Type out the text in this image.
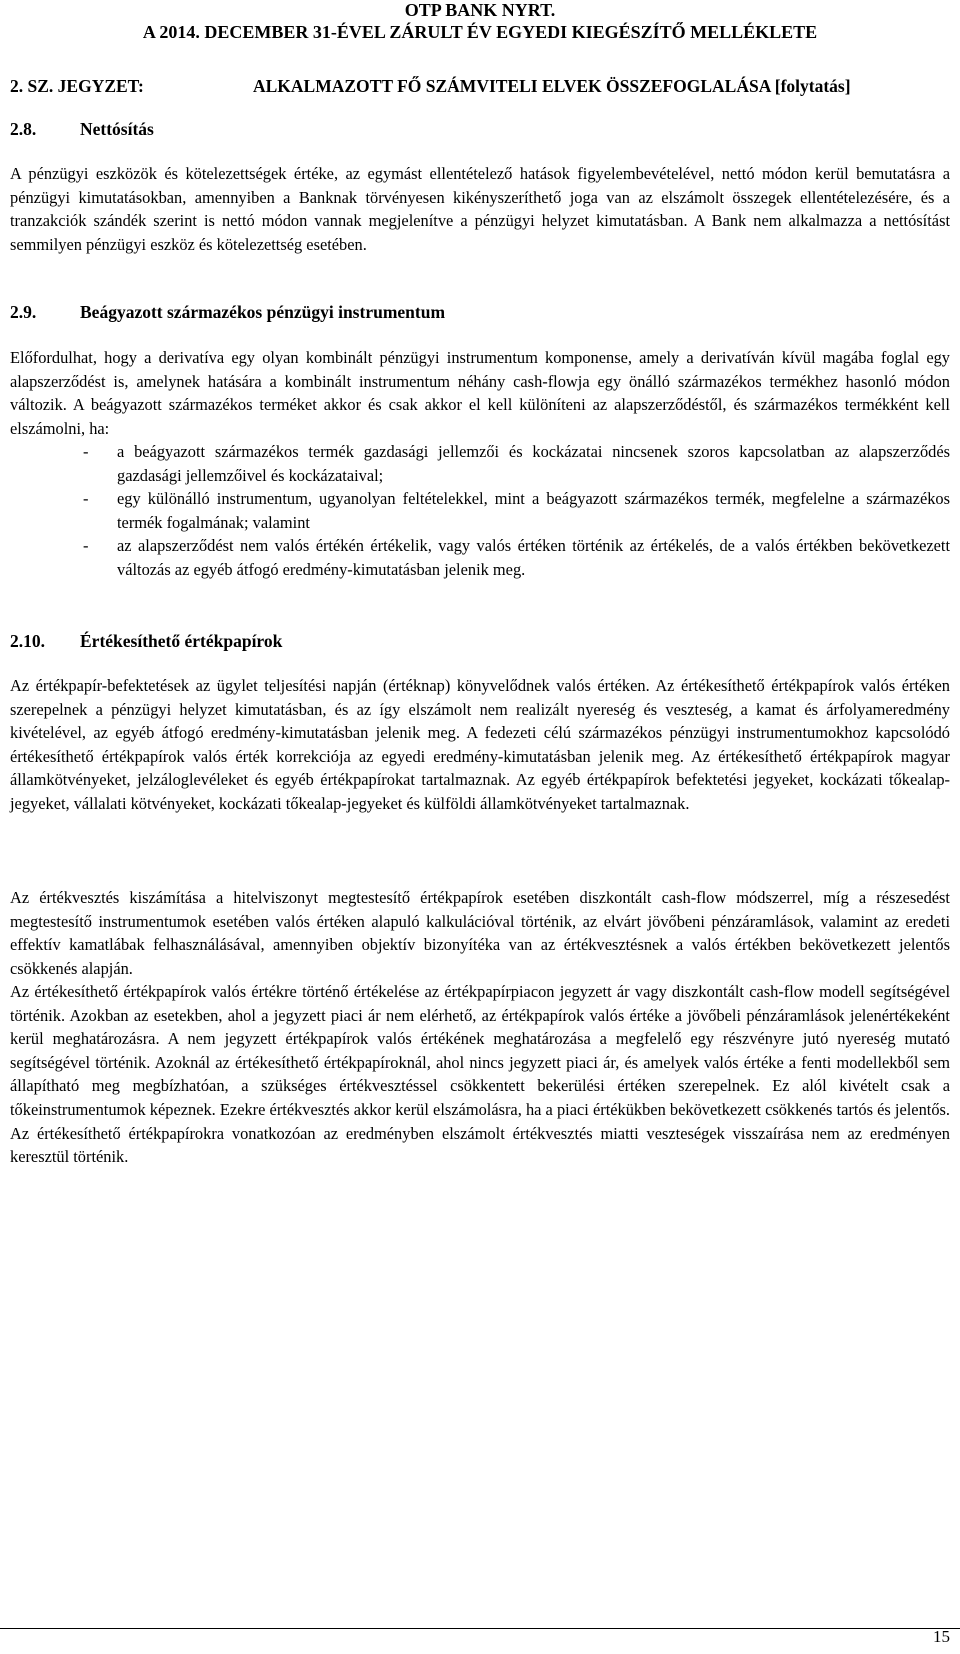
OTP BANK NYRT.
A 2014. DECEMBER 31-ÉVEL ZÁRULT ÉV EGYEDI KIEGÉSZÍTŐ MELLÉKLETE
2. SZ. JEGYZET:	ALKALMAZOTT FŐ SZÁMVITELI ELVEK ÖSSZEFOGLALÁSA [folytatás]
2.8.	Nettósítás

A pénzügyi eszközök és kötelezettségek értéke, az egymást ellentételező hatások figyelembevételével, nettó módon kerül bemutatásra a pénzügyi kimutatásokban, amennyiben a Banknak törvényesen kikényszeríthető joga van az elszámolt összegek ellentételezésére, és a tranzakciók szándék szerint is nettó módon vannak megjelenítve a pénzügyi helyzet kimutatásban. A Bank nem alkalmazza a nettósítást semmilyen pénzügyi eszköz és kötelezettség esetében.

2.9.	Beágyazott származékos pénzügyi instrumentum

Előfordulhat, hogy a derivatíva egy olyan kombinált pénzügyi instrumentum komponense, amely a derivatíván kívül magába foglal egy alapszerződést is, amelynek hatására a kombinált instrumentum néhány cash-flowja egy önálló származékos termékhez hasonló módon változik. A beágyazott származékos terméket akkor és csak akkor el kell különíteni az alapszerződéstől, és származékos termékként kell elszámolni, ha:

- a beágyazott származékos termék gazdasági jellemzői és kockázatai nincsenek szoros kapcsolatban az alapszerződés gazdasági jellemzőivel és kockázataival;
- egy különálló instrumentum, ugyanolyan feltételekkel, mint a beágyazott származékos termék, megfelelne a származékos termék fogalmának; valamint
- az alapszerződést nem valós értékén értékelik, vagy valós értéken történik az értékelés, de a valós értékben bekövetkezett változás az egyéb átfogó eredmény-kimutatásban jelenik meg.
2.10. Értékesíthető értékpapírok

Az értékpapír-befektetések az ügylet teljesítési napján (értéknap) könyvelődnek valós értéken. Az értékesíthető értékpapírok valós értéken szerepelnek a pénzügyi helyzet kimutatásban, és az így elszámolt nem realizált nyereség és veszteség, a kamat és árfolyameredmény kivételével, az egyéb átfogó eredmény-kimutatásban jelenik meg. A fedezeti célú származékos pénzügyi instrumentumokhoz kapcsolódó értékesíthető értékpapírok valós érték korrekciója az egyedi eredmény-kimutatásban jelenik meg. Az értékesíthető értékpapírok magyar államkötvényeket, jelzáloglevéleket és egyéb értékpapírokat tartalmaznak. Az egyéb értékpapírok befektetési jegyeket, kockázati tőkealap-jegyeket, vállalati kötvényeket, kockázati tőkealap-jegyeket és külföldi államkötvényeket tartalmaznak.

Az értékvesztés kiszámítása a hitelviszonyt megtestesítő értékpapírok esetében diszkontált cash-flow módszerrel, míg a részesedést megtestesítő instrumentumok esetében valós értéken alapuló kalkulációval történik, az elvárt jövőbeni pénzáramlások, valamint az eredeti effektív kamatlábak felhasználásával, amennyiben objektív bizonyítéka van az értékvesztésnek a valós értékben bekövetkezett jelentős csökkenés alapján.

Az értékesíthető értékpapírok valós értékre történő értékelése az értékpapírpiacon jegyzett ár vagy diszkontált cash-flow modell segítségével történik. Azokban az esetekben, ahol a jegyzett piaci ár nem elérhető, az értékpapírok valós értéke a jövőbeli pénzáramlások jelenértékeként kerül meghatározásra. A nem jegyzett értékpapírok valós értékének meghatározása a megfelelő egy részvényre jutó nyereség mutató segítségével történik. Azoknál az értékesíthető értékpapíroknál, ahol nincs jegyzett piaci ár, és amelyek valós értéke a fenti modellekből sem állapítható meg megbízhatóan, a szükséges értékvesztéssel csökkentett bekerülési értéken szerepelnek. Ez alól kivételt csak a tőkeinstrumentumok képeznek. Ezekre értékvesztés akkor kerül elszámolásra, ha a piaci értékükben bekövetkezett csökkenés tartós és jelentős. Az értékesíthető értékpapírokra vonatkozóan az eredményben elszámolt értékvesztés miatti veszteségek visszaírása nem az eredményen keresztül történik.

15
